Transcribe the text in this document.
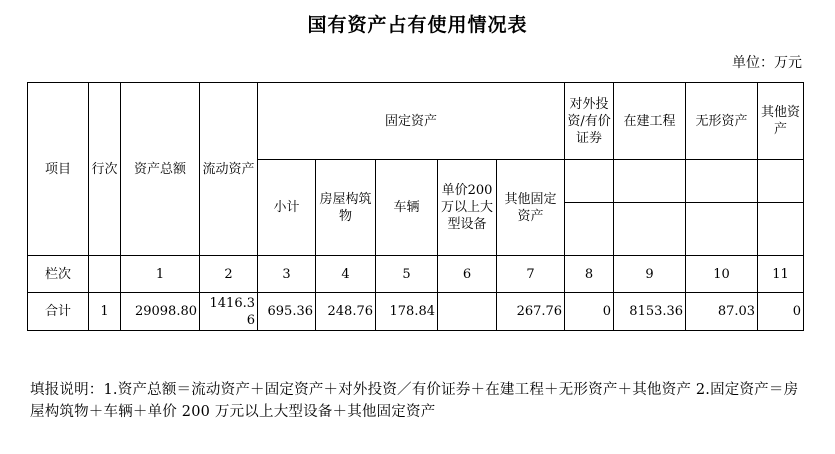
国有资产占有使用情况表
单位：万元
项目	行次	资产总额	流动资产	固定资产					对外投资/有价证券	在建工程	无形资产	其他资产
				小计	房屋构筑物	车辆	单价200万以上大型设备	其他固定资产				

栏次		1	2	3	4	5	6	7	8	9	10	11
合计	1	29098.80	1416.36	695.36	248.76	178.84		267.76	0	8153.36	87.03	0
填报说明：1.资产总额＝流动资产＋固定资产＋对外投资／有价证券＋在建工程＋无形资产＋其他资产 2.固定资产＝房屋构筑物＋车辆＋单价 200 万元以上大型设备＋其他固定资产
